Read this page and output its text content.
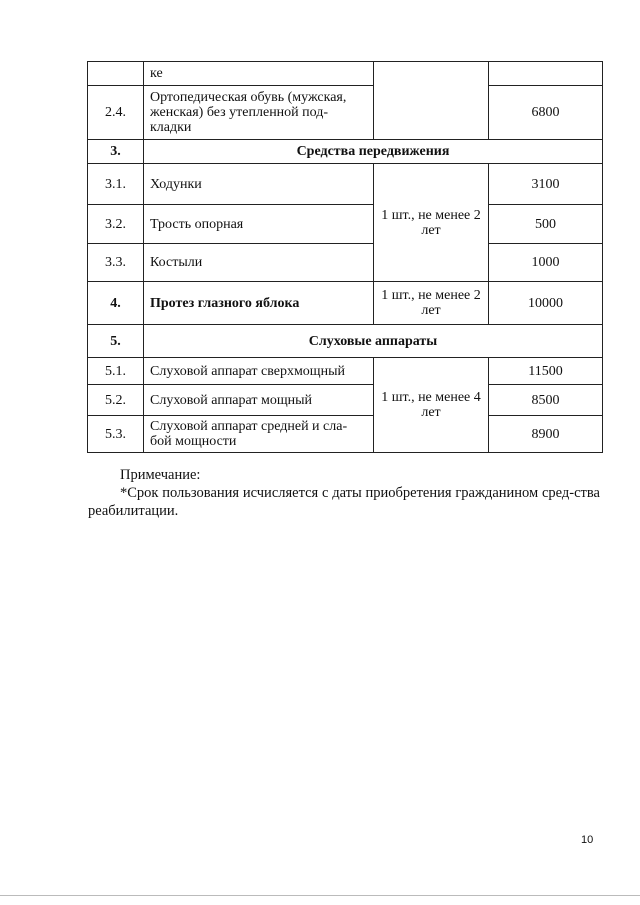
	ке		
2.4.	Ортопедическая обувь (мужская, женская) без утепленной под-кладки		6800
3.	Средства передвижения		
3.1.	Ходунки	1 шт., не менее 2 лет	3100
3.2.	Трость опорная		500
3.3.	Костыли		1000
4.	Протез глазного яблока	1 шт., не менее 2 лет	10000
5.	Слуховые аппараты		
5.1.	Слуховой аппарат сверхмощный	1 шт., не менее 4 лет	11500
5.2.	Слуховой аппарат мощный		8500
5.3.	Слуховой аппарат средней и сла-бой мощности		8900
Примечание:
*Срок пользования исчисляется с даты приобретения гражданином сред-ства реабилитации.
10
